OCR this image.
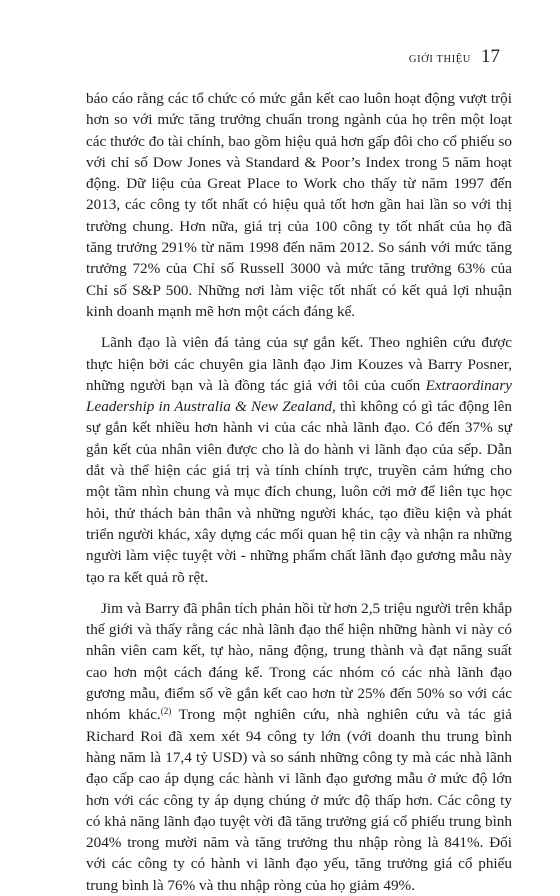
GIỚI THIỆU 17

báo cáo rằng các tổ chức có mức gắn kết cao luôn hoạt động vượt trội hơn so với mức tăng trưởng chuẩn trong ngành của họ trên một loạt các thước đo tài chính, bao gồm hiệu quả hơn gấp đôi cho cổ phiếu so với chỉ số Dow Jones và Standard & Poor’s Index trong 5 năm hoạt động. Dữ liệu của Great Place to Work cho thấy từ năm 1997 đến 2013, các công ty tốt nhất có hiệu quả tốt hơn gần hai lần so với thị trường chung. Hơn nữa, giá trị của 100 công ty tốt nhất của họ đã tăng trưởng 291% từ năm 1998 đến năm 2012. So sánh với mức tăng trưởng 72% của Chỉ số Russell 3000 và mức tăng trưởng 63% của Chỉ số S&P 500. Những nơi làm việc tốt nhất có kết quả lợi nhuận kinh doanh mạnh mẽ hơn một cách đáng kể.

Lãnh đạo là viên đá tảng của sự gắn kết. Theo nghiên cứu được thực hiện bởi các chuyên gia lãnh đạo Jim Kouzes và Barry Posner, những người bạn và là đồng tác giả với tôi của cuốn Extraordinary Leadership in Australia & New Zealand, thì không có gì tác động lên sự gắn kết nhiều hơn hành vi của các nhà lãnh đạo. Có đến 37% sự gắn kết của nhân viên được cho là do hành vi lãnh đạo của sếp. Dẫn dắt và thể hiện các giá trị và tính chính trực, truyền cảm hứng cho một tầm nhìn chung và mục đích chung, luôn cởi mở để liên tục học hỏi, thử thách bản thân và những người khác, tạo điều kiện và phát triển người khác, xây dựng các mối quan hệ tin cậy và nhận ra những người làm việc tuyệt vời - những phẩm chất lãnh đạo gương mẫu này tạo ra kết quả rõ rệt.

Jim và Barry đã phân tích phản hồi từ hơn 2,5 triệu người trên khắp thế giới và thấy rằng các nhà lãnh đạo thể hiện những hành vi này có nhân viên cam kết, tự hào, năng động, trung thành và đạt năng suất cao hơn một cách đáng kể. Trong các nhóm có các nhà lãnh đạo gương mẫu, điểm số về gắn kết cao hơn từ 25% đến 50% so với các nhóm khác.$^{(2)}$ Trong một nghiên cứu, nhà nghiên cứu và tác giả Richard Roi đã xem xét 94 công ty lớn (với doanh thu trung bình hàng năm là 17,4 tỷ USD) và so sánh những công ty mà các nhà lãnh đạo cấp cao áp dụng các hành vi lãnh đạo gương mẫu ở mức độ lớn hơn với các công ty áp dụng chúng ở mức độ thấp hơn. Các công ty có khả năng lãnh đạo tuyệt vời đã tăng trưởng giá cổ phiếu trung bình 204% trong mười năm và tăng trưởng thu nhập ròng là 841%. Đối với các công ty có hành vi lãnh đạo yếu, tăng trưởng giá cổ phiếu trung bình là 76% và thu nhập ròng của họ giảm 49%.
